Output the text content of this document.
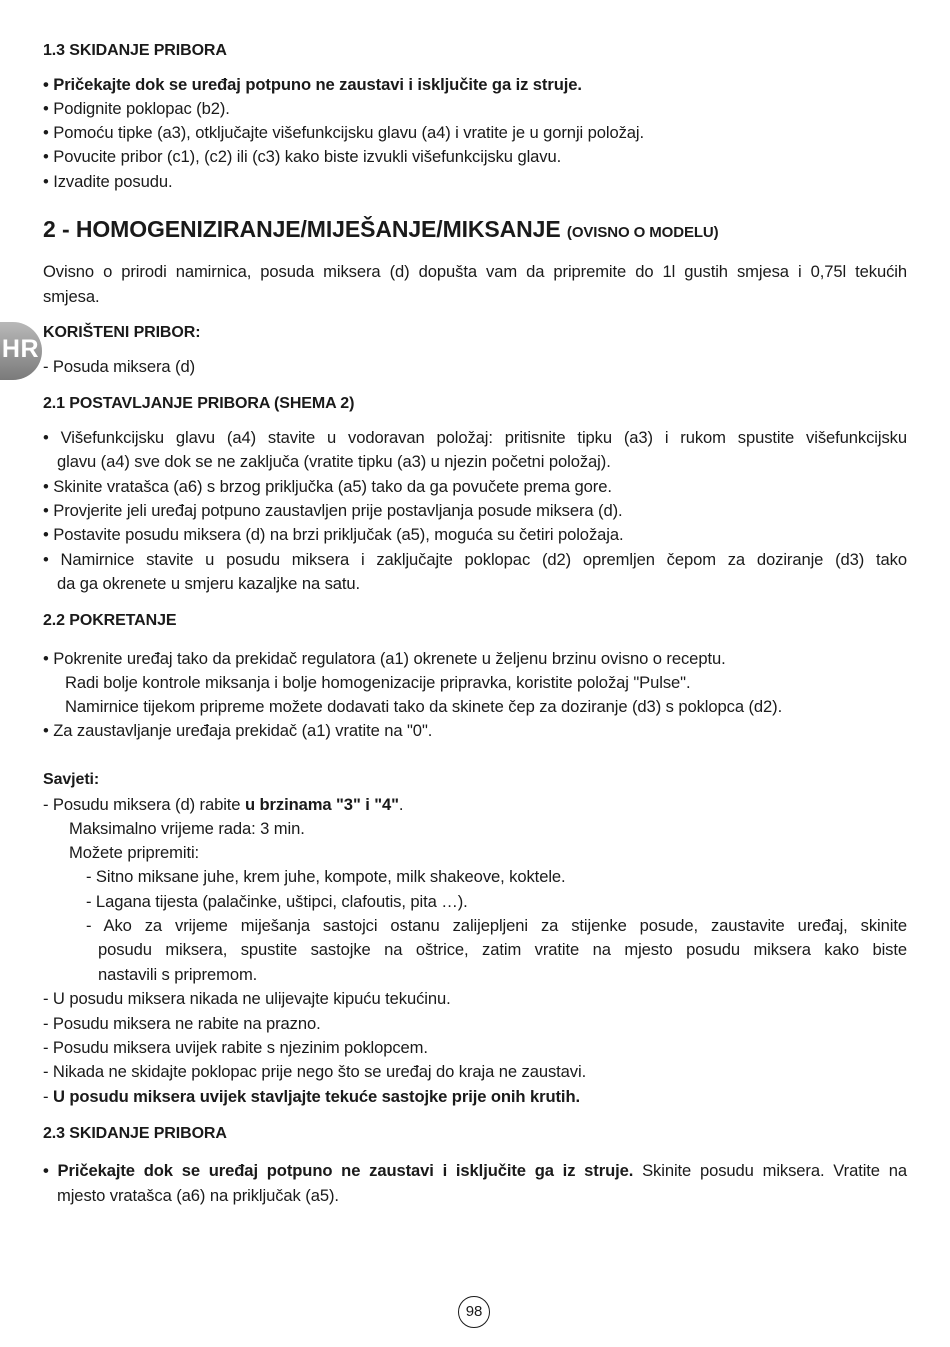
HR
1.3 SKIDANJE PRIBORA
• Pričekajte dok se uređaj potpuno ne zaustavi i isključite ga iz struje.
• Podignite poklopac (b2).
• Pomoću tipke (a3), otključajte višefunkcijsku glavu (a4) i vratite je u gornji položaj.
• Povucite pribor (c1), (c2) ili (c3) kako biste izvukli višefunkcijsku glavu.
• Izvadite posudu.
2 - HOMOGENIZIRANJE/MIJEŠANJE/MIKSANJE (OVISNO O MODELU)
Ovisno o prirodi namirnica, posuda miksera (d) dopušta vam da pripremite do 1l gustih smjesa i 0,75l tekućih
smjesa.
KORIŠTENI PRIBOR:
- Posuda miksera (d)
2.1 POSTAVLJANJE PRIBORA (SHEMA 2)
• Višefunkcijsku glavu (a4) stavite u vodoravan položaj: pritisnite tipku (a3) i rukom spustite višefunkcijsku
glavu (a4) sve dok se ne zaključa (vratite tipku (a3) u njezin početni položaj).
• Skinite vratašca (a6) s brzog priključka (a5) tako da ga povučete prema gore.
• Provjerite jeli uređaj potpuno zaustavljen prije postavljanja posude miksera (d).
• Postavite posudu miksera (d) na brzi priključak (a5), moguća su četiri položaja.
• Namirnice stavite u posudu miksera i zaključajte poklopac (d2) opremljen čepom za doziranje (d3) tako
da ga okrenete u smjeru kazaljke na satu.
2.2 POKRETANJE
• Pokrenite uređaj tako da prekidač regulatora (a1) okrenete u željenu brzinu ovisno o receptu.
Radi bolje kontrole miksanja i bolje homogenizacije pripravka, koristite položaj "Pulse".
Namirnice tijekom pripreme možete dodavati tako da skinete čep za doziranje (d3) s poklopca (d2).
• Za zaustavljanje uređaja prekidač (a1) vratite na "0".
Savjeti:
- Posudu miksera (d) rabite u brzinama "3" i "4".
Maksimalno vrijeme rada: 3 min.
Možete pripremiti:
- Sitno miksane juhe, krem juhe, kompote, milk shakeove, koktele.
- Lagana tijesta (palačinke, uštipci, clafoutis, pita …).
- Ako za vrijeme miješanja sastojci ostanu zalijepljeni za stijenke posude, zaustavite uređaj, skinite
posudu miksera, spustite sastojke na oštrice, zatim vratite na mjesto posudu miksera kako biste
nastavili s pripremom.
- U posudu miksera nikada ne ulijevajte kipuću tekućinu.
- Posudu miksera ne rabite na prazno.
- Posudu miksera uvijek rabite s njezinim poklopcem.
- Nikada ne skidajte poklopac prije nego što se uređaj do kraja ne zaustavi.
- U posudu miksera uvijek stavljajte tekuće sastojke prije onih krutih.
2.3 SKIDANJE PRIBORA
• Pričekajte dok se uređaj potpuno ne zaustavi i isključite ga iz struje. Skinite posudu miksera. Vratite na
mjesto vratašca (a6) na priključak (a5).
98
